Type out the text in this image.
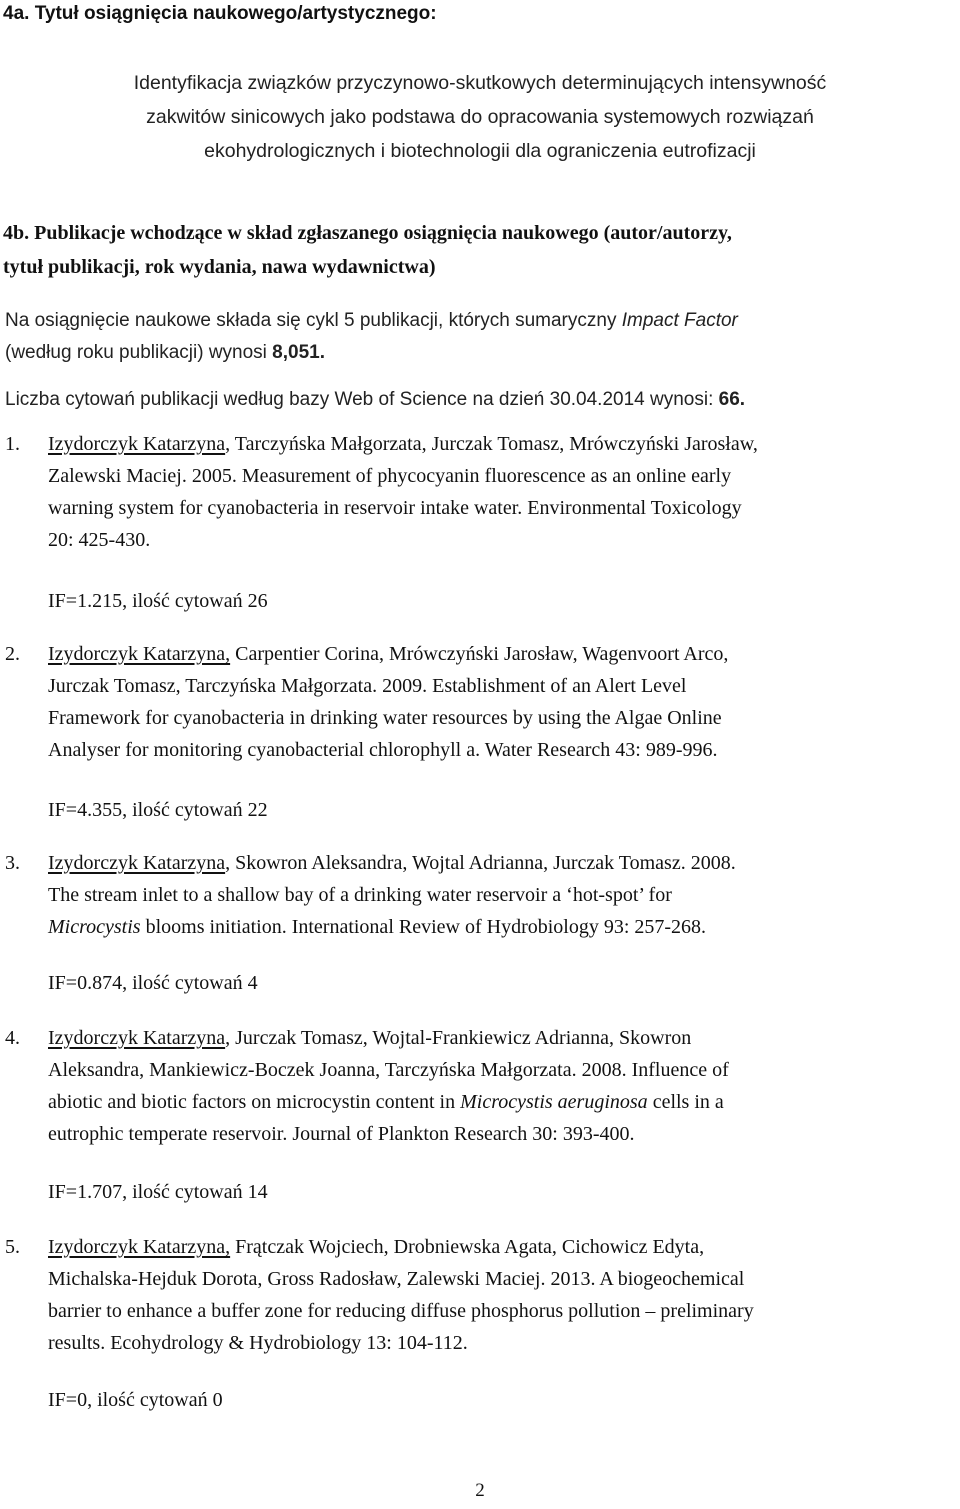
4a. Tytuł osiągnięcia naukowego/artystycznego:
Identyfikacja związków przyczynowo-skutkowych determinujących intensywność
zakwitów sinicowych jako podstawa do opracowania systemowych rozwiązań
ekohydrologicznych i biotechnologii dla ograniczenia eutrofizacji
4b. Publikacje wchodzące w skład zgłaszanego osiągnięcia naukowego (autor/autorzy,
tytuł publikacji, rok wydania, nawa wydawnictwa)
Na osiągnięcie naukowe składa się cykl 5 publikacji, których sumaryczny Impact Factor
(według roku publikacji) wynosi 8,051.
Liczba cytowań publikacji według bazy Web of Science na dzień 30.04.2014 wynosi: 66.
1. Izydorczyk Katarzyna, Tarczyńska Małgorzata, Jurczak Tomasz, Mrówczyński Jarosław,
Zalewski Maciej. 2005. Measurement of phycocyanin fluorescence as an online early
warning system for cyanobacteria in reservoir intake water. Environmental Toxicology
20: 425-430.
IF=1.215, ilość cytowań 26
2. Izydorczyk Katarzyna, Carpentier Corina, Mrówczyński Jarosław, Wagenvoort Arco,
Jurczak Tomasz, Tarczyńska Małgorzata. 2009. Establishment of an Alert Level
Framework for cyanobacteria in drinking water resources by using the Algae Online
Analyser for monitoring cyanobacterial chlorophyll a. Water Research 43: 989-996.
IF=4.355, ilość cytowań 22
3. Izydorczyk Katarzyna, Skowron Aleksandra, Wojtal Adrianna, Jurczak Tomasz. 2008.
The stream inlet to a shallow bay of a drinking water reservoir a ‘hot-spot’ for
Microcystis blooms initiation. International Review of Hydrobiology 93: 257-268.
IF=0.874, ilość cytowań 4
4. Izydorczyk Katarzyna, Jurczak Tomasz, Wojtal-Frankiewicz Adrianna, Skowron
Aleksandra, Mankiewicz-Boczek Joanna, Tarczyńska Małgorzata. 2008. Influence of
abiotic and biotic factors on microcystin content in Microcystis aeruginosa cells in a
eutrophic temperate reservoir. Journal of Plankton Research 30: 393-400.
IF=1.707, ilość cytowań 14
5. Izydorczyk Katarzyna, Frątczak Wojciech, Drobniewska Agata, Cichowicz Edyta,
Michalska-Hejduk Dorota, Gross Radosław, Zalewski Maciej. 2013. A biogeochemical
barrier to enhance a buffer zone for reducing diffuse phosphorus pollution – preliminary
results. Ecohydrology & Hydrobiology 13: 104-112.
IF=0, ilość cytowań 0
2
